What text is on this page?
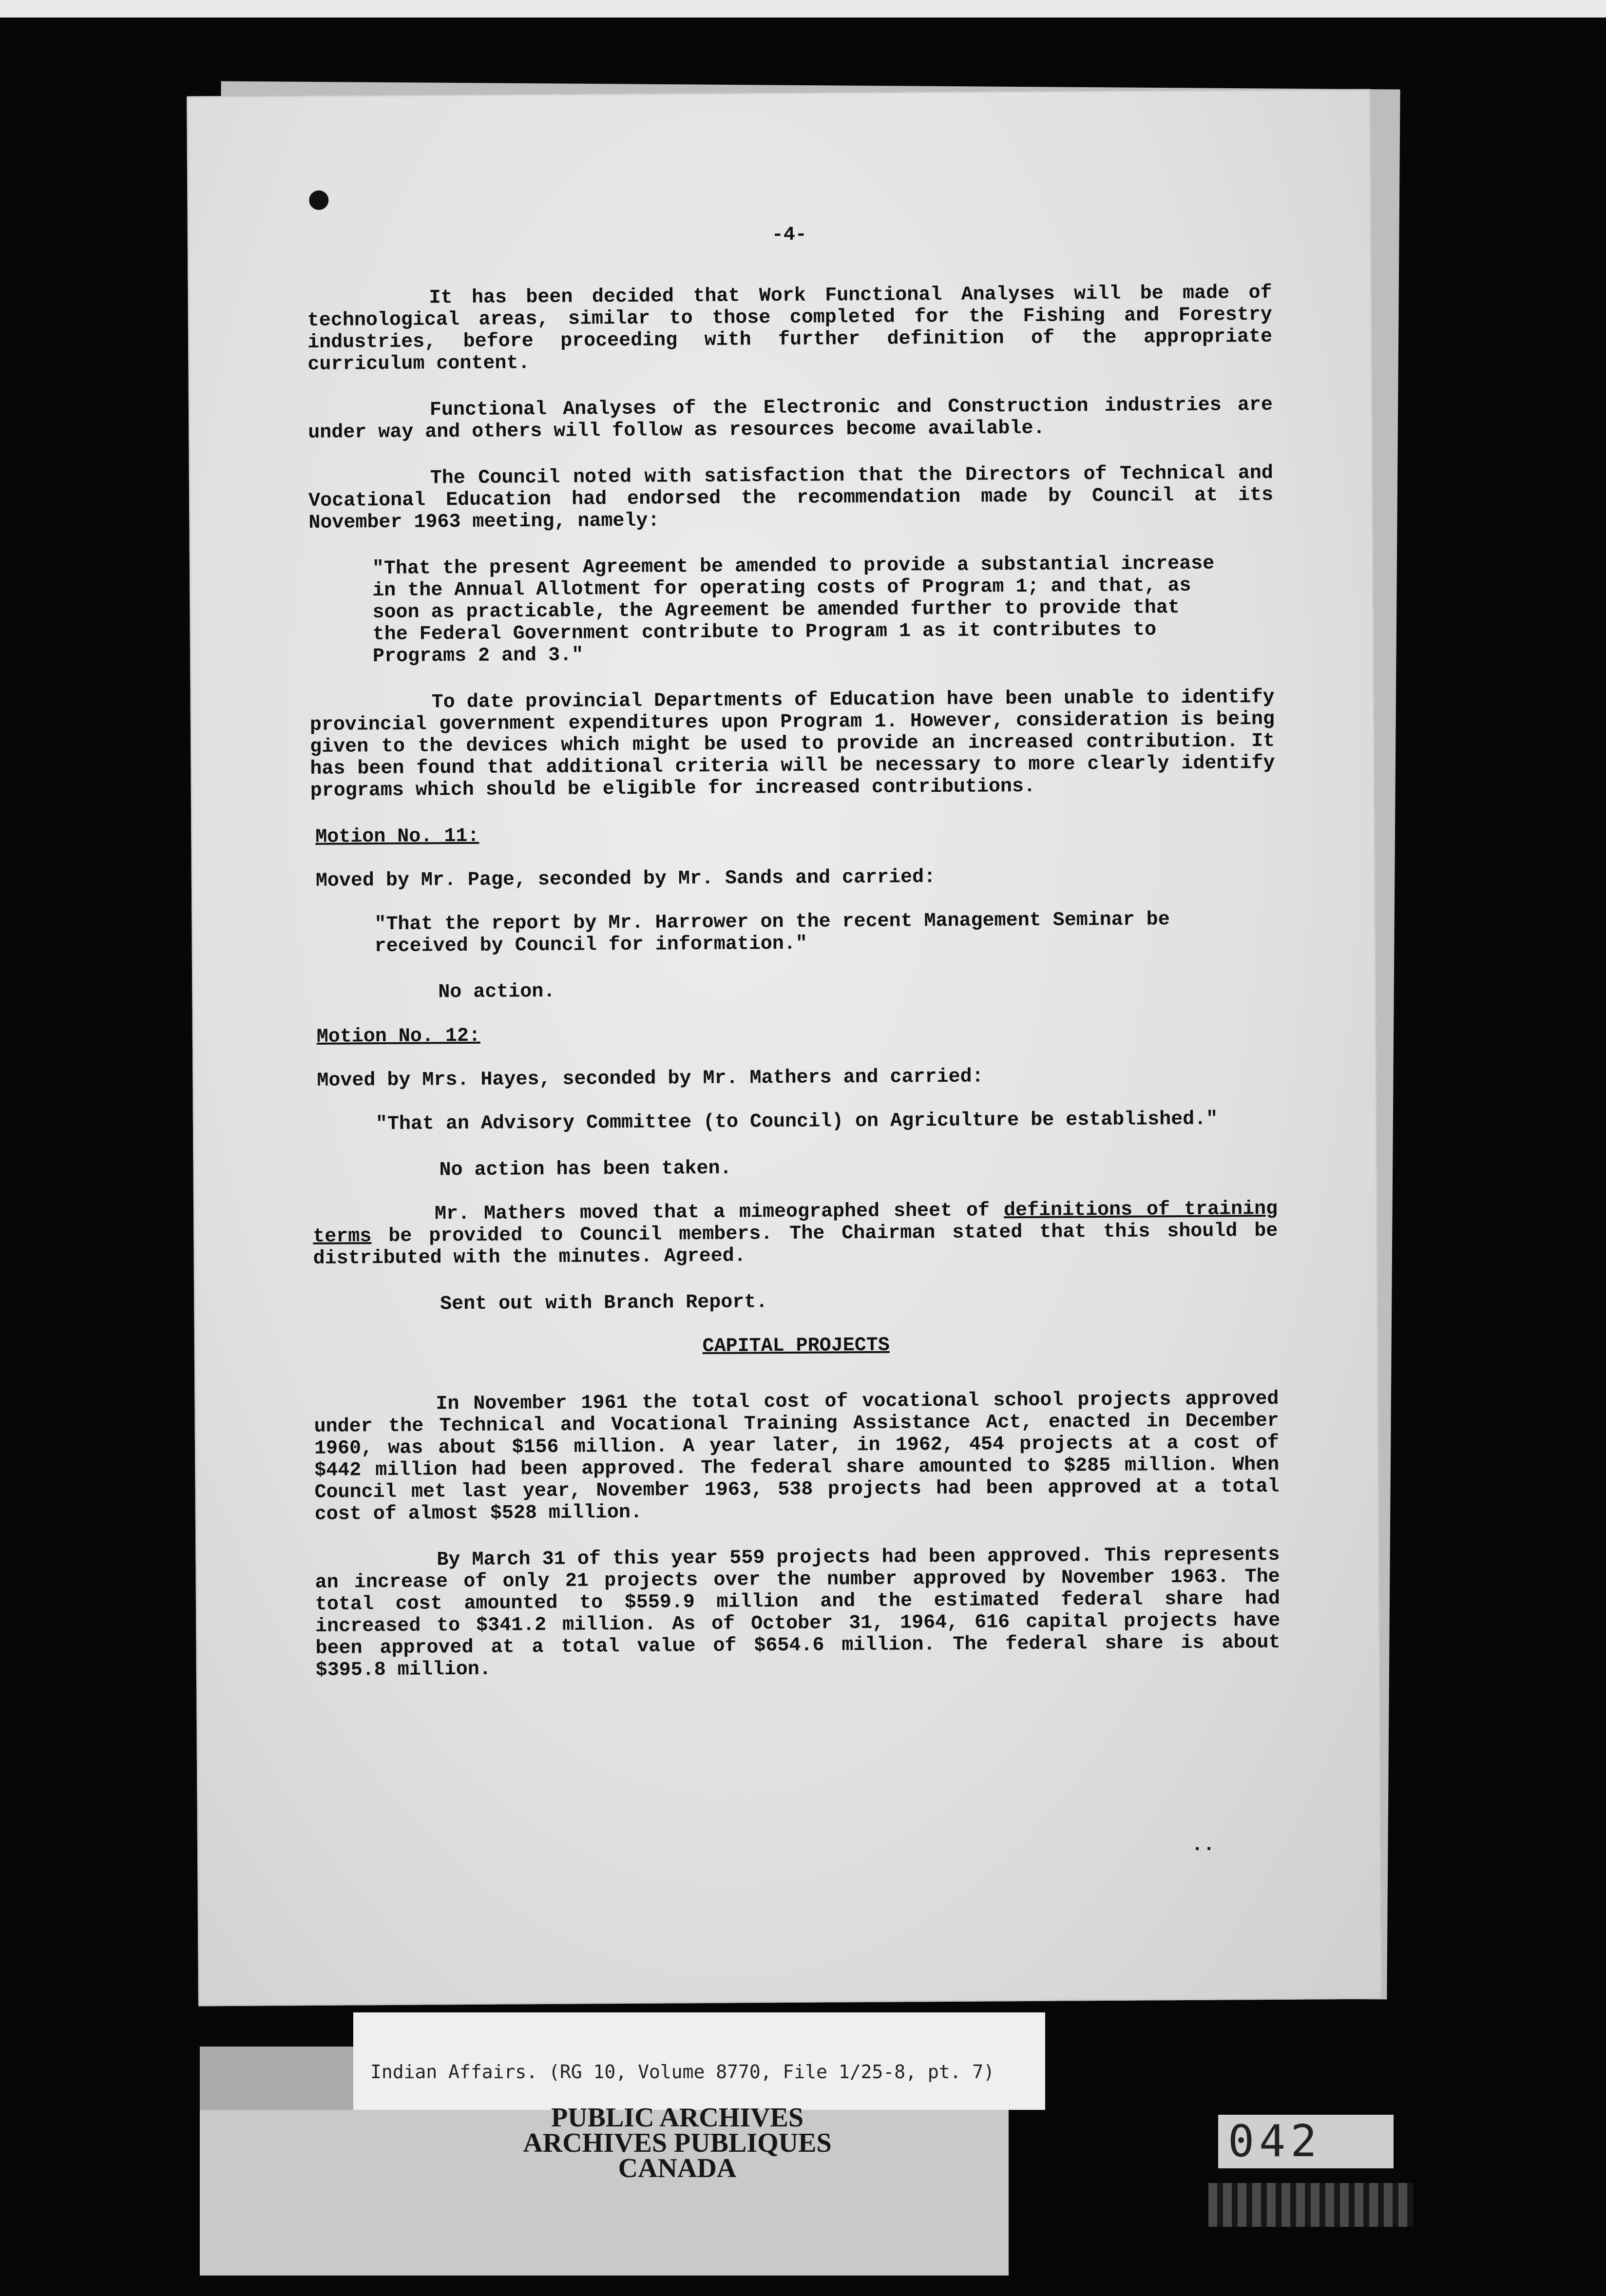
-4-

It has been decided that Work Functional Analyses will be made of technological areas, similar to those completed for the Fishing and Forestry industries, before proceeding with further definition of the appropriate curriculum content.

Functional Analyses of the Electronic and Construction industries are under way and others will follow as resources become available.

The Council noted with satisfaction that the Directors of Technical and Vocational Education had endorsed the recommendation made by Council at its November 1963 meeting, namely:

"That the present Agreement be amended to provide a substantial increase in the Annual Allotment for operating costs of Program 1; and that, as soon as practicable, the Agreement be amended further to provide that the Federal Government contribute to Program 1 as it contributes to Programs 2 and 3."

To date provincial Departments of Education have been unable to identify provincial government expenditures upon Program 1. However, consideration is being given to the devices which might be used to provide an increased contribution. It has been found that additional criteria will be necessary to more clearly identify programs which should be eligible for increased contributions.

Motion No. 11:
Moved by Mr. Page, seconded by Mr. Sands and carried:

"That the report by Mr. Harrower on the recent Management Seminar be received by Council for information."

No action.
Motion No. 12:
Moved by Mrs. Hayes, seconded by Mr. Mathers and carried:

"That an Advisory Committee (to Council) on Agriculture be established."

No action has been taken.

Mr. Mathers moved that a mimeographed sheet of definitions of training terms be provided to Council members. The Chairman stated that this should be distributed with the minutes. Agreed.

Sent out with Branch Report.
CAPITAL PROJECTS

In November 1961 the total cost of vocational school projects approved under the Technical and Vocational Training Assistance Act, enacted in December 1960, was about $156 million. A year later, in 1962, 454 projects at a cost of $442 million had been approved. The federal share amounted to $285 million. When Council met last year, November 1963, 538 projects had been approved at a total cost of almost $528 million.

By March 31 of this year 559 projects had been approved. This represents an increase of only 21 projects over the number approved by November 1963. The total cost amounted to $559.9 million and the estimated federal share had increased to $341.2 million. As of October 31, 1964, 616 capital projects have been approved at a total value of $654.6 million. The federal share is about $395.8 million.

..
Indian Affairs. (RG 10, Volume 8770, File 1/25-8, pt. 7)
PUBLIC ARCHIVES
ARCHIVES PUBLIQUES
CANADA
042
